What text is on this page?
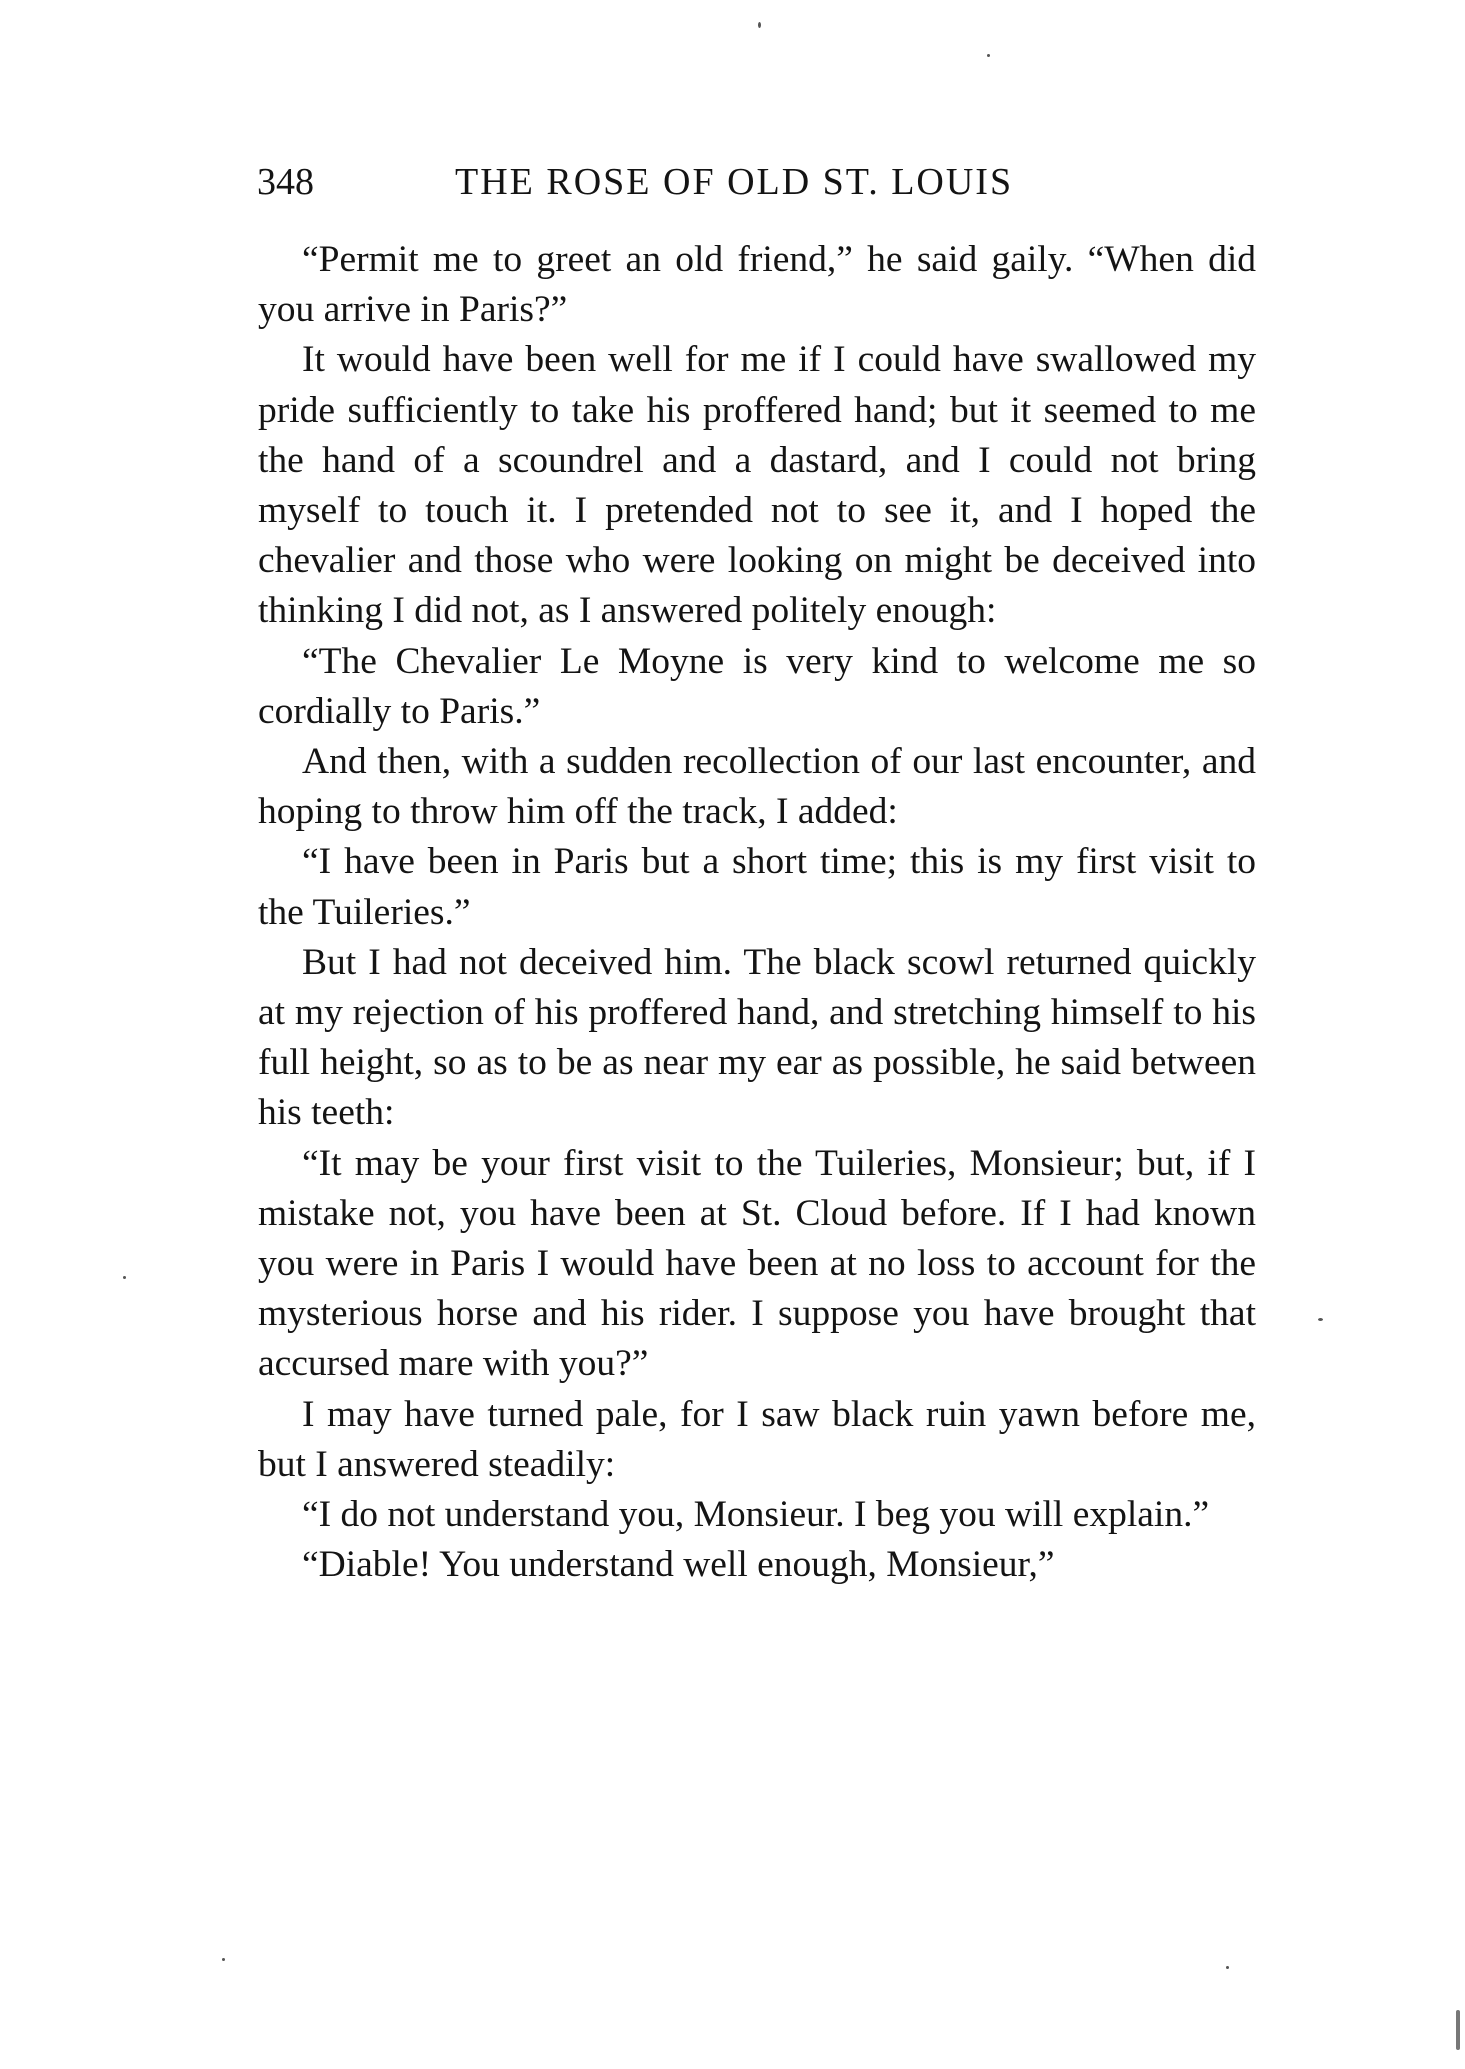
348	THE ROSE OF OLD ST. LOUIS

“Permit me to greet an old friend,” he said gaily. “When did you arrive in Paris?”

It would have been well for me if I could have swallowed my pride sufficiently to take his proffered hand; but it seemed to me the hand of a scoundrel and a dastard, and I could not bring myself to touch it. I pretended not to see it, and I hoped the chevalier and those who were looking on might be deceived into thinking I did not, as I answered politely enough:

“The Chevalier Le Moyne is very kind to welcome me so cordially to Paris.”

And then, with a sudden recollection of our last encounter, and hoping to throw him off the track, I added:

“I have been in Paris but a short time; this is my first visit to the Tuileries.”

But I had not deceived him. The black scowl returned quickly at my rejection of his proffered hand, and stretching himself to his full height, so as to be as near my ear as possible, he said between his teeth:

“It may be your first visit to the Tuileries, Monsieur; but, if I mistake not, you have been at St. Cloud before. If I had known you were in Paris I would have been at no loss to account for the mysterious horse and his rider. I suppose you have brought that accursed mare with you?”

I may have turned pale, for I saw black ruin yawn before me, but I answered steadily:

“I do not understand you, Monsieur. I beg you will explain.”

“Diable! You understand well enough, Monsieur,”
